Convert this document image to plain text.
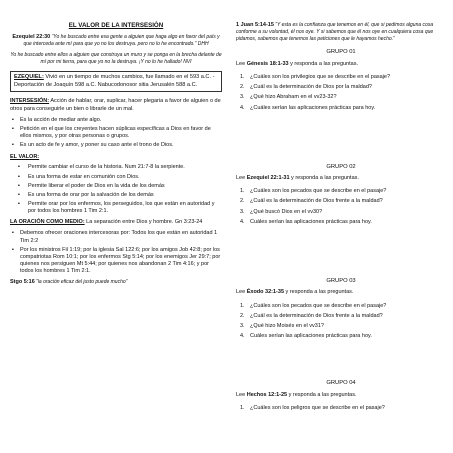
EL VALOR DE LA INTERSESIÓN
Ezequiel 22:30 “Yo he buscado entre esa gente a alguien que haga algo en favor del país y que interceda ante mí para que yo no los destruya. pero no lo he encontrado.” DHH
Yo he buscado entre ellos a alguien que construya un muro y se ponga en la brecha delante de mí por mi tierra, para que yo no la destruya. ¡Y no lo he hallado! NVI
EZEQUIEL: Vivió en un tiempo de muchos cambios, fue llamado en el 593 a.C. - Deportación de Joaquín 598 a.C. Nabucodonosor sitia Jerusalén 588 a.C.
INTERSESIÓN: Acción de hablar, orar, suplicar, hacer plegaria a favor de alguien o de otros para conseguirle un bien o librarle de un mal.
▪ Es la acción de mediar ante algo.
▪ Petición en el que los creyentes hacen súplicas específicas a Dios en favor de ellos mismos, y por otras personas o grupos.
▪ Es un acto de fe y amor, y poner su caso ante el trono de Dios.
EL VALOR:
▪ Permite cambiar el curso de la historia. Num 21:7-8 la serpiente.
▪ Es una forma de estar en comunión con Dios.
▪ Permite liberar el poder de Dios en la vida de los demás
▪ Es una forma de orar por la salvación de los demás
▪ Permite orar por los enfermos, los perseguidos, los que están en autoridad y por todos los hombres 1 Tim 2:1.
LA ORACIÓN COMO MEDIO: La separación entre Dios y hombre. Gn 3:23-24
▪ Debemos ofrecer oraciones intercesoras por: Todos los que están en autoridad 1 Tim 2:2
▪ Por los ministros Fil 1:19; por la iglesia Sal 122:6; por los amigos Job 42:8; por los compatriotas Rom 10:1; por los enfermos Stg 5:14; por los enemigos Jer 29:7; por quienes nos persiguen Mt 5:44; por quienes nos abandonan 2 Tim 4:16; y por todos los hombres 1 Tim 2:1.
Stgo 5:16 “la oración eficaz del justo puede mucho”
1 Juan 5:14-15 “Y esta es la confianza que tenemos en él, que si pedimos alguna cosa conforme a su voluntad, él nos oye. Y si sabemos que él nos oye en cualquiera cosa que pidamos, sabemos que tenemos las peticiones que le hayamos hecho.”
GRUPO 01
Lee Génesis 18:1-33 y responda a las preguntas.
1. ¿Cuáles son los privilegios que se describe en el pasaje?
2. ¿Cuál es la determinación de Dios por la maldad?
3. ¿Qué hizo Abraham en el vv23-32?
4. ¿Cuáles serían las aplicaciones prácticas para hoy.
GRUPO 02
Lee Ezequiel 22:1-31 y responda a las preguntas.
1. ¿Cuáles son los pecados que se describe en el pasaje?
2. ¿Cuál es la determinación de Dios frente a la maldad?
3. ¿Qué buscó Dios en el vv30?
4. Cuáles serían las aplicaciones prácticas para hoy.
GRUPO 03
Lee Éxodo 32:1-35 y responda a las preguntas.
1. ¿Cuáles son los pecados que se describe en el pasaje?
2. ¿Cuál es la determinación de Dios frente a la maldad?
3. ¿Qué hizo Moisés en el vv31?
4. Cuáles serían las aplicaciones prácticas para hoy.
GRUPO 04
Lee Hechos 12:1-25 y responda a las preguntas.
1. ¿Cuáles son los peligros que se describe en el pasaje?
